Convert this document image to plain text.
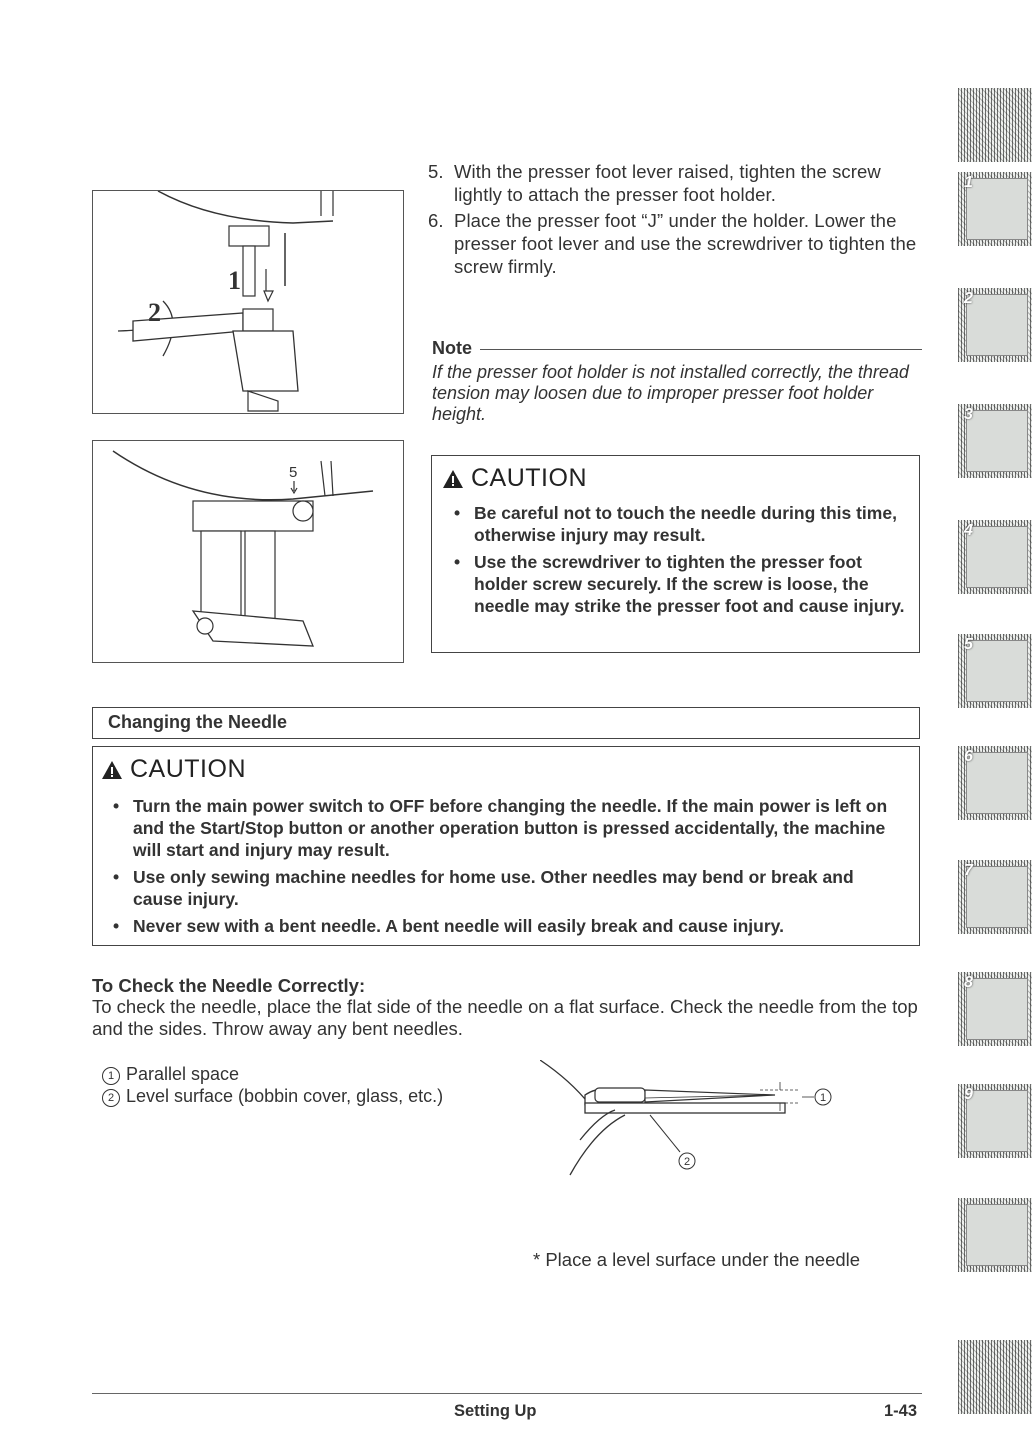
1
2
5
5. With the presser foot lever raised, tighten the screw lightly to attach the presser foot holder.
6. Place the presser foot “J” under the holder. Lower the presser foot lever and use the screwdriver to tighten the screw firmly.
Note
If the presser foot holder is not installed correctly, the thread tension may loosen due to improper presser foot holder height.
CAUTION
• Be careful not to touch the needle during this time, otherwise injury may result.
• Use the screwdriver to tighten the presser foot holder screw securely. If the screw is loose, the needle may strike the presser foot and cause injury.
Changing the Needle
CAUTION
• Turn the main power switch to OFF before changing the needle. If the main power is left on and the Start/Stop button or another operation button is pressed accidentally, the machine will start and injury may result.
• Use only sewing machine needles for home use. Other needles may bend or break and cause injury.
• Never sew with a bent needle. A bent needle will easily break and cause injury.
To Check the Needle Correctly:
To check the needle, place the flat side of the needle on a flat surface. Check the needle from the top and the sides. Throw away any bent needles.
1 Parallel space
2 Level surface (bobbin cover, glass, etc.)	1
2
* Place a level surface under the needle
Setting Up	1-43
1
2
3
4
5
6
7
8
9
